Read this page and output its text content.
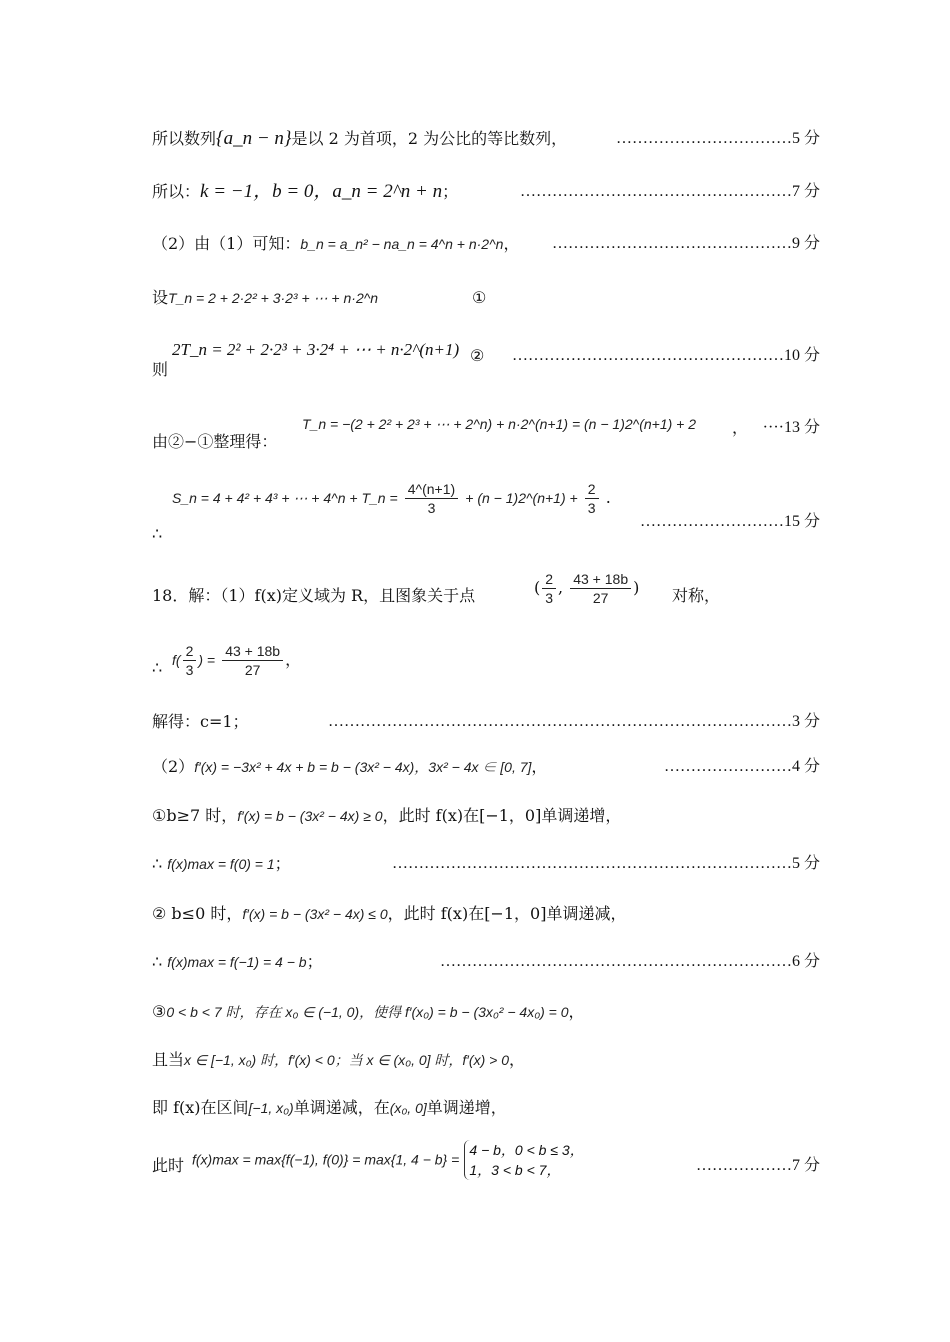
所以数列{a_n − n}是以 2 为首项，2 为公比的等比数列，	……………………………5 分
所以：k = −1，b = 0，a_n = 2^n + n；	……………………………………………7 分
（2）由（1）可知：b_n = a_n² − na_n = 4^n + n·2^n， ………………………………………9 分
设T_n = 2 + 2·2² + 3·2³ + ⋯ + n·2^n	①
则
2T_n = 2² + 2·2³ + 3·2⁴ + ⋯ + n·2^(n+1) ② ……………………………………………10 分
由②−①整理得：
T_n = −(2 + 2² + 2³ + ⋯ + 2^n) + n·2^(n+1) = (n − 1)2^(n+1) + 2 ， ····13 分
∴
S_n = 4 + 4² + 4³ + ⋯ + 4^n + T_n = $\frac{4\^{}(n+1)}{3} + (n$ − 1)2^(n+1) + $\frac{2}{3}$ .
………………………15 分
18．解：（1）f(x)定义域为 R，且图象关于点	( $\frac{2}{3}$ , $\frac{43 + 18b}{27}$ ) 对称，
∴ $f( \frac{2}{3}$ ) = $\frac{43 + 18b}{27}$ ，
解得：c=1；	……………………………………………………………………………3 分
（2）f′(x) = −3x² + 4x + b = b − (3x² − 4x)，3x² − 4x ∈ [0, 7]，	……………………4 分
①b≥7 时，f′(x) = b − (3x² − 4x) ≥ 0，此时 f(x)在[−1，0]单调递增，
∴ f(x)max = f(0) = 1；	…………………………………………………………………5 分
② b≤0 时，f′(x) = b − (3x² − 4x) ≤ 0，此时 f(x)在[−1，0]单调递减，
∴ f(x)max = f(−1) = 4 − b；	…………………………………………………………6 分
③0 < b < 7 时，存在 x₀ ∈ (−1, 0)，使得 f′(x₀) = b − (3x₀² − 4x₀) = 0，
且当x ∈ [−1, x₀) 时，f′(x) < 0；当 x ∈ (x₀, 0] 时，f′(x) > 0，
即 f(x)在区间[−1, x₀)单调递减，在(x₀, 0]单调递增，
此时 f(x)max = max{f(−1), f(0)} = max{1, 4 − b} =
4 − b，0 < b ≤ 3，
1，3 < b < 7，	………………7 分
